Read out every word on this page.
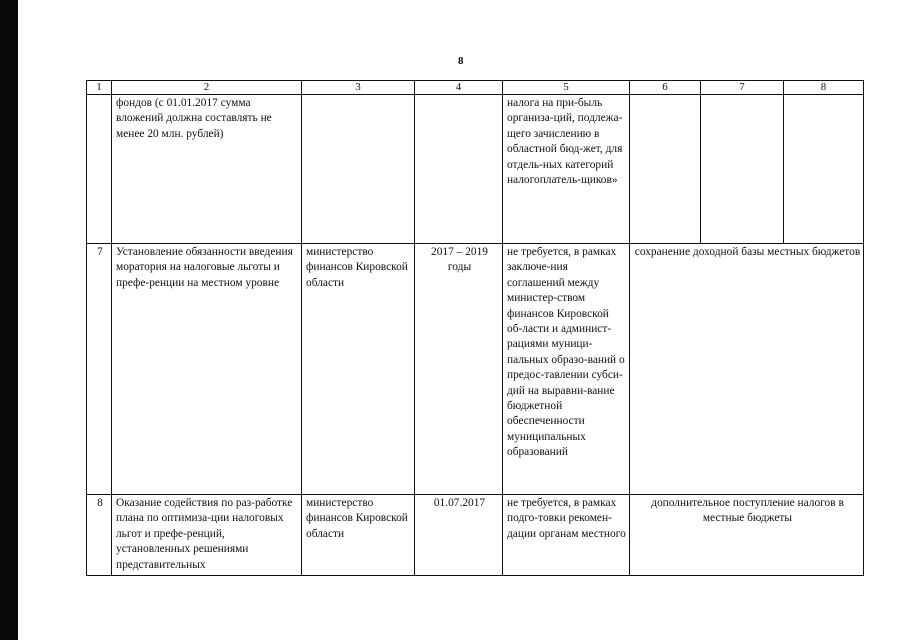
8
1	2	3	4	5	6	7	8
	фондов (с 01.01.2017 сумма вложений должна составлять не менее 20 млн. рублей)			налога на при-быль организа-ций, подлежа-щего зачислению в областной бюд-жет, для отдель-ных категорий налогоплатель-щиков»			
7	Установление обязанности введения моратория на налоговые льготы и префе-ренции на местном уровне	министерство финансов Кировской области	2017 – 2019 годы	не требуется, в рамках заключе-ния соглашений между министер-ством финансов Кировской об-ласти и админист-рациями муници-пальных образо-ваний о предос-тавлении субси-дий на выравни-вание бюджетной обеспеченности муниципальных образований	сохранение доходной базы местных бюджетов		
8	Оказание содействия по раз-работке плана по оптимиза-ции налоговых льгот и префе-ренций, установленных решениями представительных	министерство финансов Кировской области	01.07.2017	не требуется, в рамках подго-товки рекомен-дации органам местного	дополнительное поступление налогов в местные бюджеты		
